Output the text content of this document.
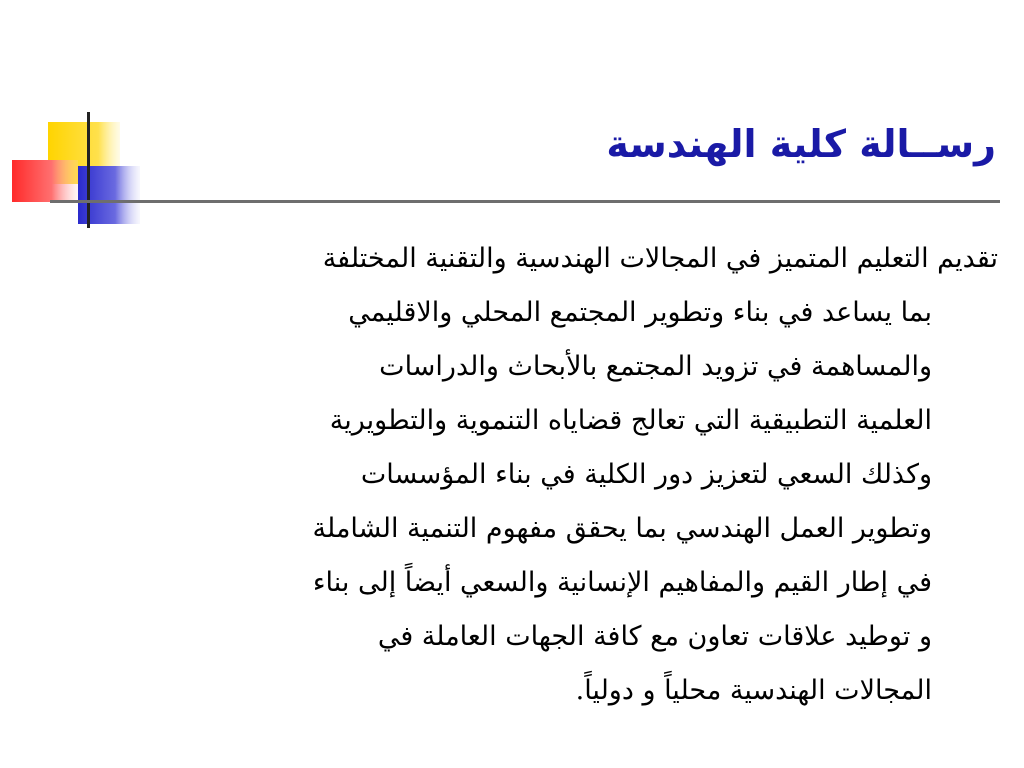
رســالة كلية الهندسة
تقديم التعليم المتميز في المجالات الهندسية والتقنية المختلفة
بما يساعد في بناء وتطوير المجتمع المحلي والاقليمي
والمساهمة في تزويد المجتمع بالأبحاث والدراسات
العلمية التطبيقية التي تعالج قضاياه التنموية والتطويرية
وكذلك السعي لتعزيز دور الكلية في بناء المؤسسات
وتطوير العمل الهندسي بما يحقق مفهوم التنمية الشاملة
في إطار القيم والمفاهيم الإنسانية والسعي أيضاً إلى بناء
و توطيد علاقات تعاون مع كافة الجهات العاملة في
المجالات الهندسية محلياً و دولياً.
